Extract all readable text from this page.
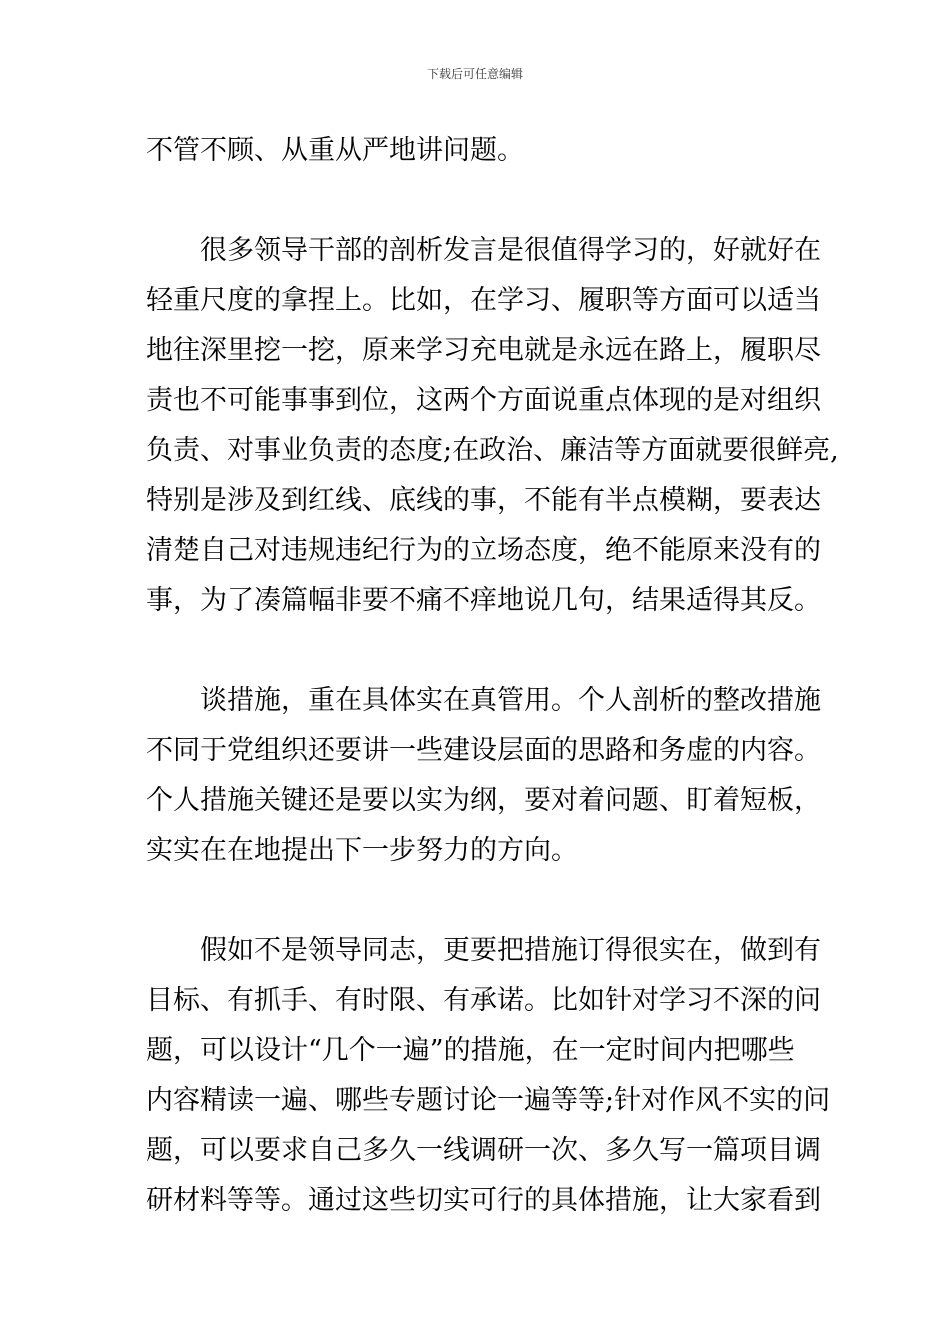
下载后可任意编辑
不管不顾、从重从严地讲问题。
很多领导干部的剖析发言是很值得学习的，好就好在
轻重尺度的拿捏上。比如，在学习、履职等方面可以适当
地往深里挖一挖，原来学习充电就是永远在路上，履职尽
责也不可能事事到位，这两个方面说重点体现的是对组织
负责、对事业负责的态度;在政治、廉洁等方面就要很鲜亮,
特别是涉及到红线、底线的事，不能有半点模糊，要表达
清楚自己对违规违纪行为的立场态度，绝不能原来没有的
事，为了凑篇幅非要不痛不痒地说几句，结果适得其反。
谈措施，重在具体实在真管用。个人剖析的整改措施
不同于党组织还要讲一些建设层面的思路和务虚的内容。
个人措施关键还是要以实为纲，要对着问题、盯着短板，
实实在在地提出下一步努力的方向。
假如不是领导同志，更要把措施订得很实在，做到有
目标、有抓手、有时限、有承诺。比如针对学习不深的问
题，可以设计“几个一遍”的措施，在一定时间内把哪些
内容精读一遍、哪些专题讨论一遍等等;针对作风不实的问
题，可以要求自己多久一线调研一次、多久写一篇项目调
研材料等等。通过这些切实可行的具体措施，让大家看到
